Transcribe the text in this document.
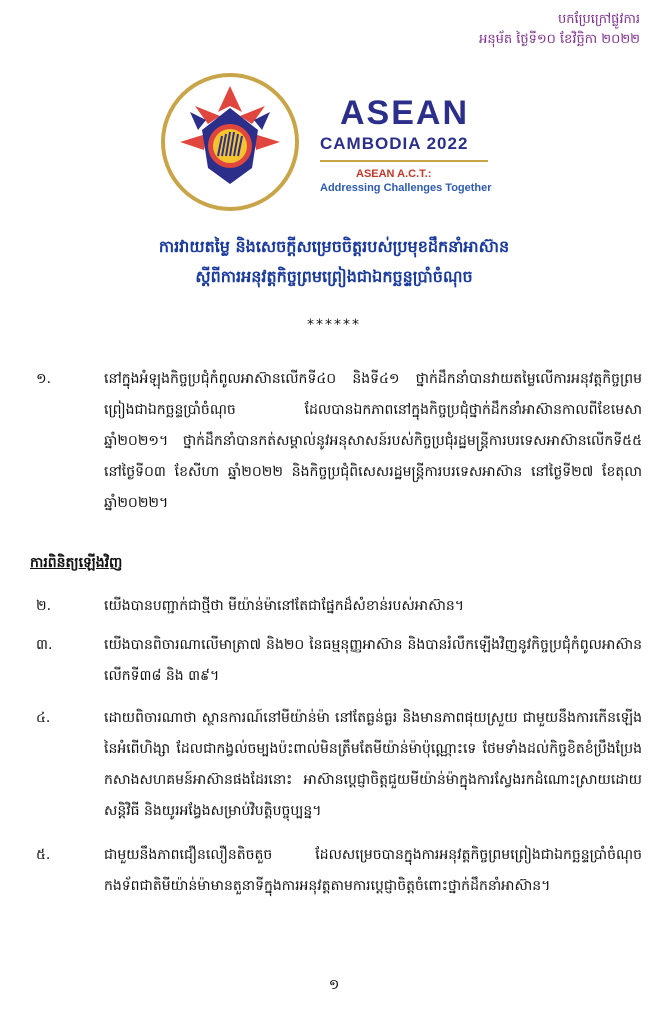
បកប្រែក្រៅផ្លូវការ
អនុម័ត ថ្ងៃទី១០ ខែវិច្ឆិកា ២០២២
ASEAN
CAMBODIA 2022
ASEAN A.C.T.:
Addressing Challenges Together
ការវាយតម្លៃ និងសេចក្តីសម្រេចចិត្តរបស់ប្រមុខដឹកនាំអាស៊ាន
ស្តីពីការអនុវត្តកិច្ចព្រមព្រៀងជាឯកច្ឆន្ទប្រាំចំណុច
******
១.	នៅក្នុងអំឡុងកិច្ចប្រជុំកំពូលអាស៊ានលើកទី៤០ និងទី៤១ ថ្នាក់ដឹកនាំបានវាយតម្លៃលើការអនុវត្តកិច្ចព្រមព្រៀងជាឯកច្ឆន្ទប្រាំចំណុច ដែលបានឯកភាពនៅក្នុងកិច្ចប្រជុំថ្នាក់ដឹកនាំអាស៊ានកាលពីខែមេសា ឆ្នាំ២០២១។ ថ្នាក់ដឹកនាំបានកត់សម្គាល់នូវអនុសាសន៍របស់កិច្ចប្រជុំរដ្ឋមន្ត្រីការបរទេសអាស៊ានលើកទី៥៥ នៅថ្ងៃទី០៣ ខែសីហា ឆ្នាំ២០២២ និងកិច្ចប្រជុំពិសេសរដ្ឋមន្ត្រីការបរទេសអាស៊ាន នៅថ្ងៃទី២៧ ខែតុលា ឆ្នាំ២០២២។
ការពិនិត្យឡើងវិញ
២.	យើងបានបញ្ជាក់ជាថ្មីថា មីយ៉ាន់ម៉ានៅតែជាផ្នែកដ៏សំខាន់របស់អាស៊ាន។
៣.	យើងបានពិចារណាលើមាត្រា៧ និង២០ នៃធម្មនុញ្ញអាស៊ាន និងបានរំលឹកឡើងវិញនូវកិច្ចប្រជុំកំពូលអាស៊ានលើកទី៣៨ និង ៣៩។
៤.	ដោយពិចារណាថា ស្ថានការណ៍នៅមីយ៉ាន់ម៉ា នៅតែធ្ងន់ធ្ងរ និងមានភាពផុយស្រួយ ជាមួយនឹងការកើនឡើងនៃអំពើហិង្សា ដែលជាកង្វល់ចម្បងប៉ះពាល់មិនត្រឹមតែមីយ៉ាន់ម៉ាប៉ុណ្ណោះទេ ថែមទាំងដល់កិច្ចខិតខំប្រឹងប្រែងកសាងសហគមន៍អាស៊ានផងដែរនោះ អាស៊ានប្តេជ្ញាចិត្តជួយមីយ៉ាន់ម៉ាក្នុងការស្វែងរកដំណោះស្រាយដោយសន្តិវិធី និងយូរអង្វែងសម្រាប់វិបត្តិបច្ចុប្បន្ន។
៥.	ជាមួយនឹងភាពជឿនលឿនតិចតួច ដែលសម្រេចបានក្នុងការអនុវត្តកិច្ចព្រមព្រៀងជាឯកច្ឆន្ទប្រាំចំណុច កងទ័ពជាតិមីយ៉ាន់ម៉ាមានតួនាទីក្នុងការអនុវត្តតាមការប្តេជ្ញាចិត្តចំពោះថ្នាក់ដឹកនាំអាស៊ាន។
១
